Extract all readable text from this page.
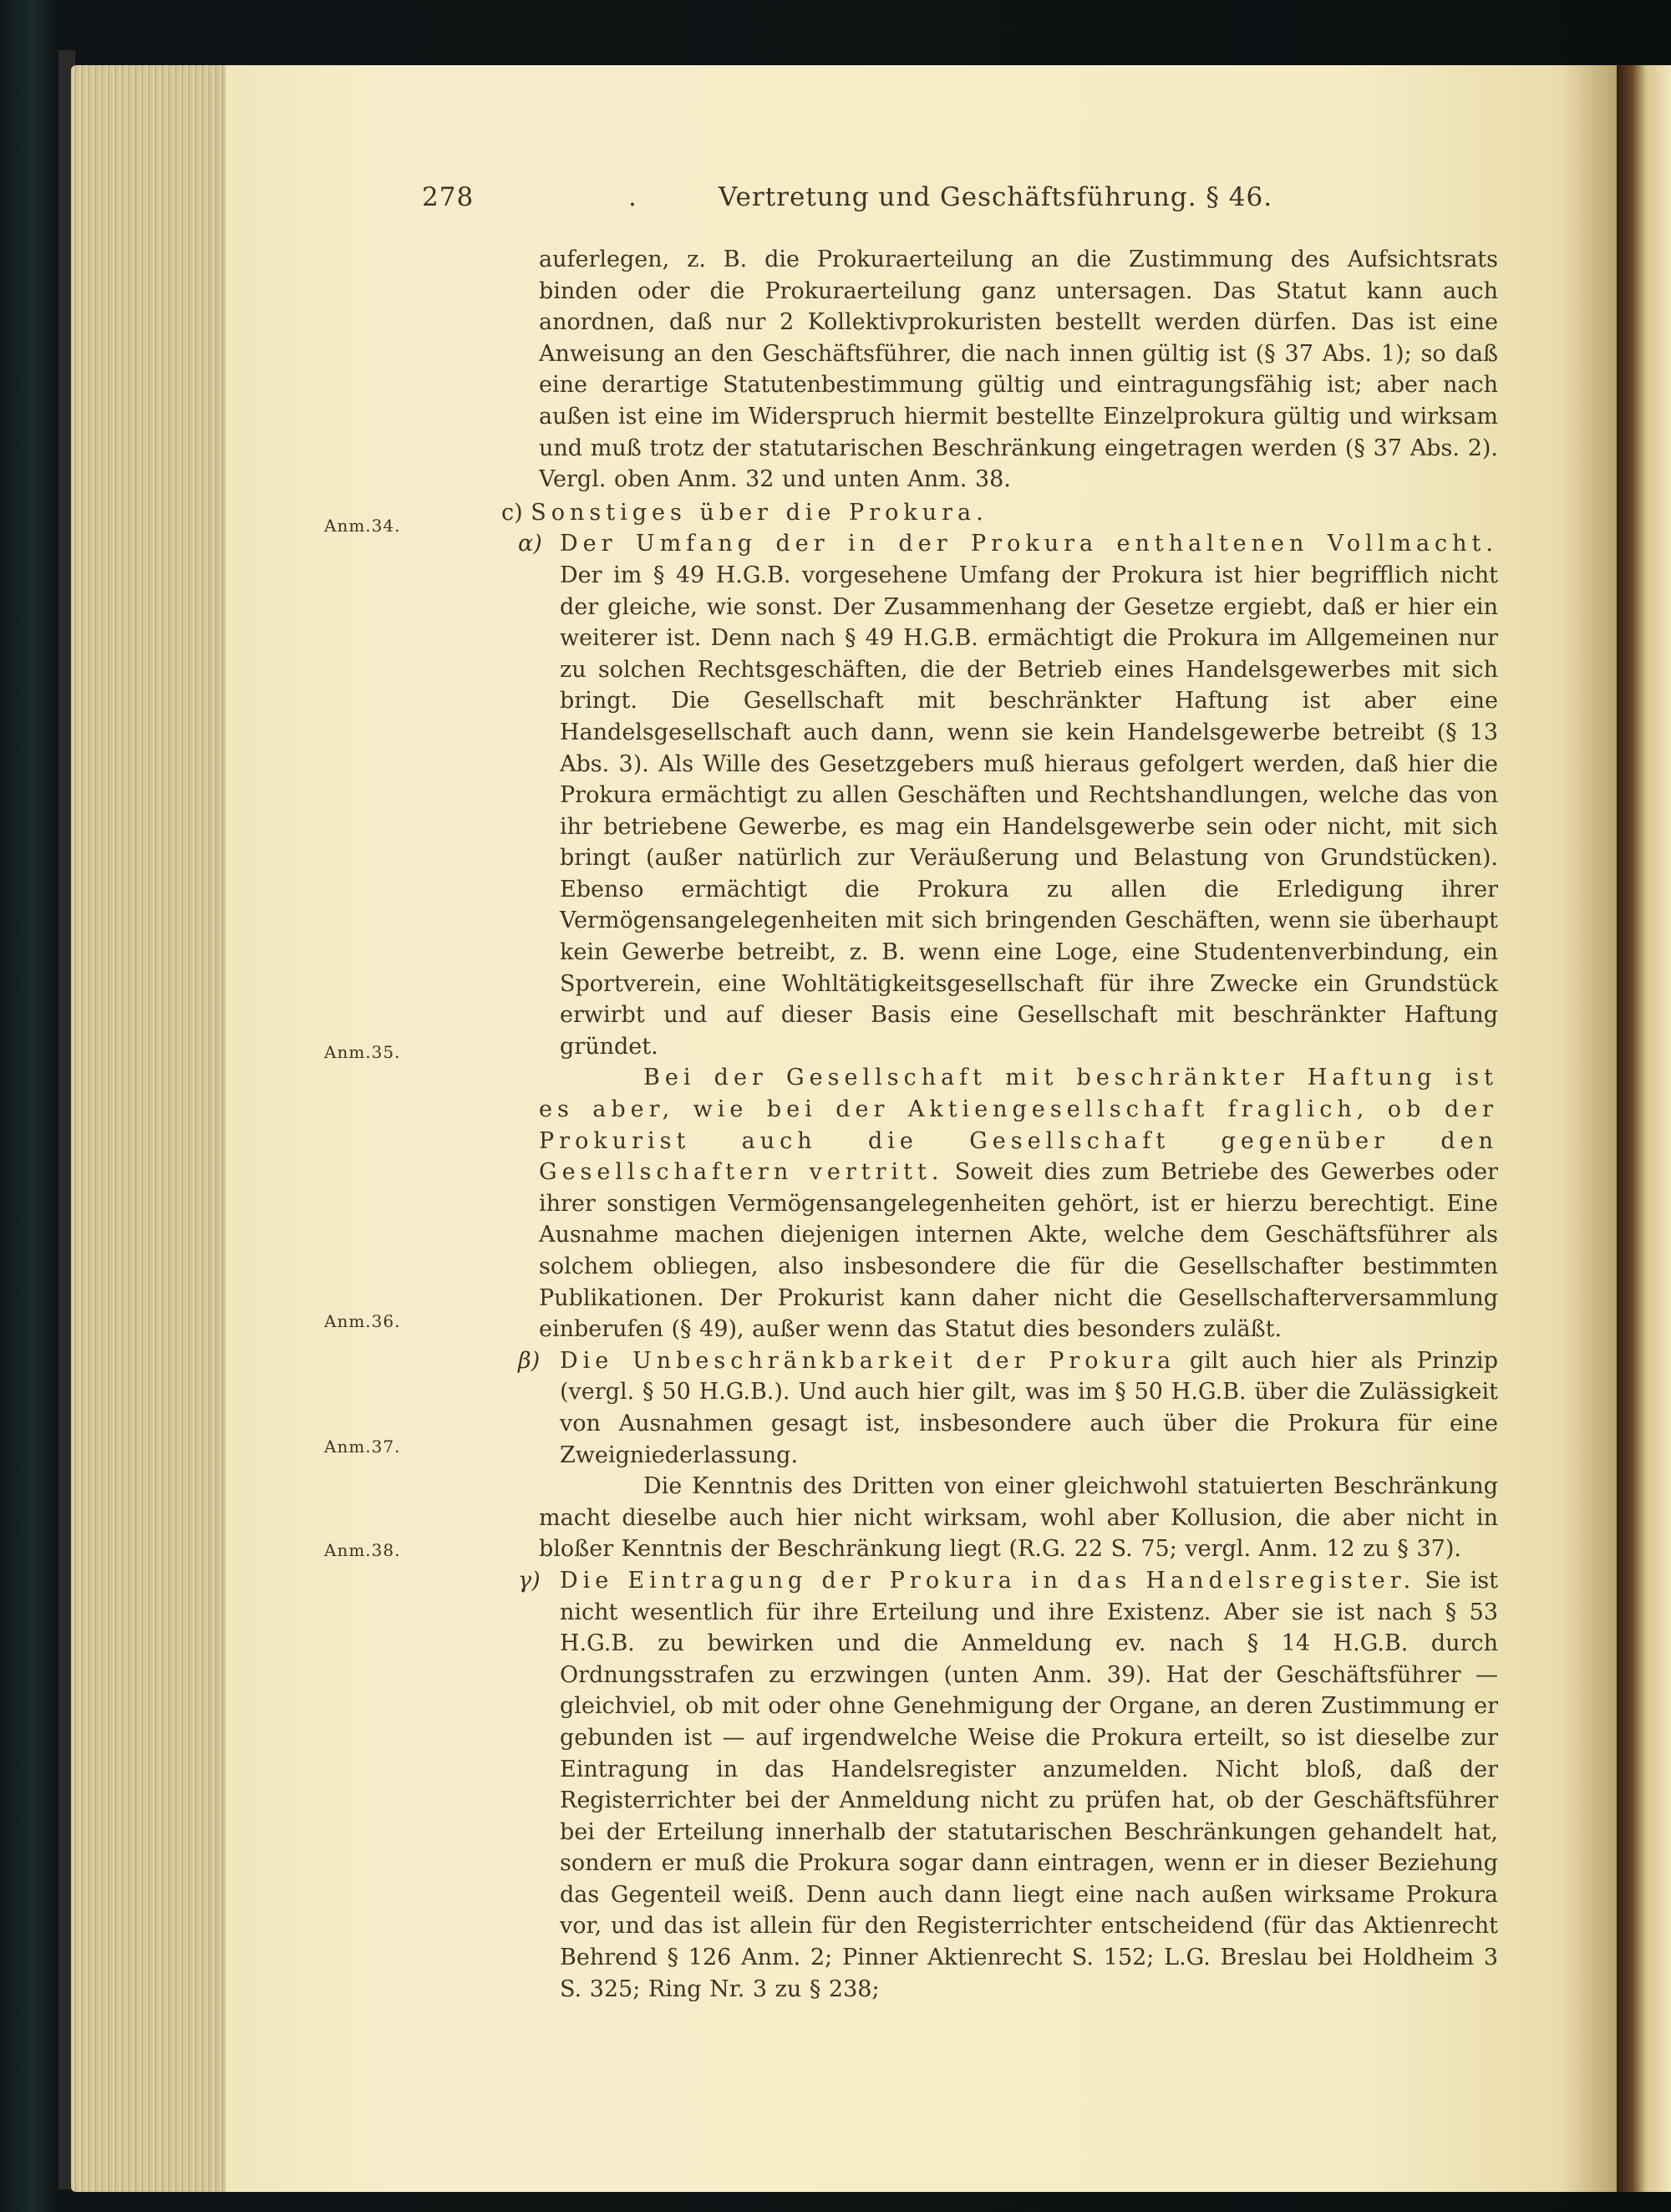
278	.	Vertretung und Geschäftsführung. § 46.
Anm.34.
Anm.35.
Anm.36.
Anm.37.
Anm.38.

auferlegen, z. B. die Prokuraerteilung an die Zustimmung des Aufsichtsrats binden oder die Prokuraerteilung ganz untersagen. Das Statut kann auch anordnen, daß nur 2 Kollektivprokuristen bestellt werden dürfen. Das ist eine Anweisung an den Geschäftsführer, die nach innen gültig ist (§ 37 Abs. 1); so daß eine derartige Statutenbestimmung gültig und eintragungsfähig ist; aber nach außen ist eine im Widerspruch hiermit bestellte Einzelprokura gültig und wirksam und muß trotz der statutarischen Beschränkung eingetragen werden (§ 37 Abs. 2). Vergl. oben Anm. 32 und unten Anm. 38.

c) Sonstiges über die Prokura.

α) Der Umfang der in der Prokura enthaltenen Vollmacht. Der im § 49 H.G.B. vorgesehene Umfang der Prokura ist hier begrifflich nicht der gleiche, wie sonst. Der Zusammenhang der Gesetze ergiebt, daß er hier ein weiterer ist. Denn nach § 49 H.G.B. ermächtigt die Prokura im Allgemeinen nur zu solchen Rechtsgeschäften, die der Betrieb eines Handelsgewerbes mit sich bringt. Die Gesellschaft mit beschränkter Haftung ist aber eine Handelsgesellschaft auch dann, wenn sie kein Handelsgewerbe betreibt (§ 13 Abs. 3). Als Wille des Gesetzgebers muß hieraus gefolgert werden, daß hier die Prokura ermächtigt zu allen Geschäften und Rechtshandlungen, welche das von ihr betriebene Gewerbe, es mag ein Handelsgewerbe sein oder nicht, mit sich bringt (außer natürlich zur Veräußerung und Belastung von Grundstücken). Ebenso ermächtigt die Prokura zu allen die Erledigung ihrer Vermögensangelegenheiten mit sich bringenden Geschäften, wenn sie überhaupt kein Gewerbe betreibt, z. B. wenn eine Loge, eine Studentenverbindung, ein Sportverein, eine Wohltätigkeitsgesellschaft für ihre Zwecke ein Grundstück erwirbt und auf dieser Basis eine Gesellschaft mit beschränkter Haftung gründet.

Bei der Gesellschaft mit beschränkter Haftung ist es aber, wie bei der Aktiengesellschaft fraglich, ob der Prokurist auch die Gesellschaft gegenüber den Gesellschaftern vertritt. Soweit dies zum Betriebe des Gewerbes oder ihrer sonstigen Vermögensangelegenheiten gehört, ist er hierzu berechtigt. Eine Ausnahme machen diejenigen internen Akte, welche dem Geschäftsführer als solchem obliegen, also insbesondere die für die Gesellschafter bestimmten Publikationen. Der Prokurist kann daher nicht die Gesellschafterversammlung einberufen (§ 49), außer wenn das Statut dies besonders zuläßt.

β) Die Unbeschränkbarkeit der Prokura gilt auch hier als Prinzip (vergl. § 50 H.G.B.). Und auch hier gilt, was im § 50 H.G.B. über die Zulässigkeit von Ausnahmen gesagt ist, insbesondere auch über die Prokura für eine Zweigniederlassung.

Die Kenntnis des Dritten von einer gleichwohl statuierten Beschränkung macht dieselbe auch hier nicht wirksam, wohl aber Kollusion, die aber nicht in bloßer Kenntnis der Beschränkung liegt (R.G. 22 S. 75; vergl. Anm. 12 zu § 37).

γ) Die Eintragung der Prokura in das Handelsregister. Sie ist nicht wesentlich für ihre Erteilung und ihre Existenz. Aber sie ist nach § 53 H.G.B. zu bewirken und die Anmeldung ev. nach § 14 H.G.B. durch Ordnungsstrafen zu erzwingen (unten Anm. 39). Hat der Geschäftsführer — gleichviel, ob mit oder ohne Genehmigung der Organe, an deren Zustimmung er gebunden ist — auf irgendwelche Weise die Prokura erteilt, so ist dieselbe zur Eintragung in das Handelsregister anzumelden. Nicht bloß, daß der Registerrichter bei der Anmeldung nicht zu prüfen hat, ob der Geschäftsführer bei der Erteilung innerhalb der statutarischen Beschränkungen gehandelt hat, sondern er muß die Prokura sogar dann eintragen, wenn er in dieser Beziehung das Gegenteil weiß. Denn auch dann liegt eine nach außen wirksame Prokura vor, und das ist allein für den Registerrichter entscheidend (für das Aktienrecht Behrend § 126 Anm. 2; Pinner Aktienrecht S. 152; L.G. Breslau bei Holdheim 3 S. 325; Ring Nr. 3 zu § 238;
